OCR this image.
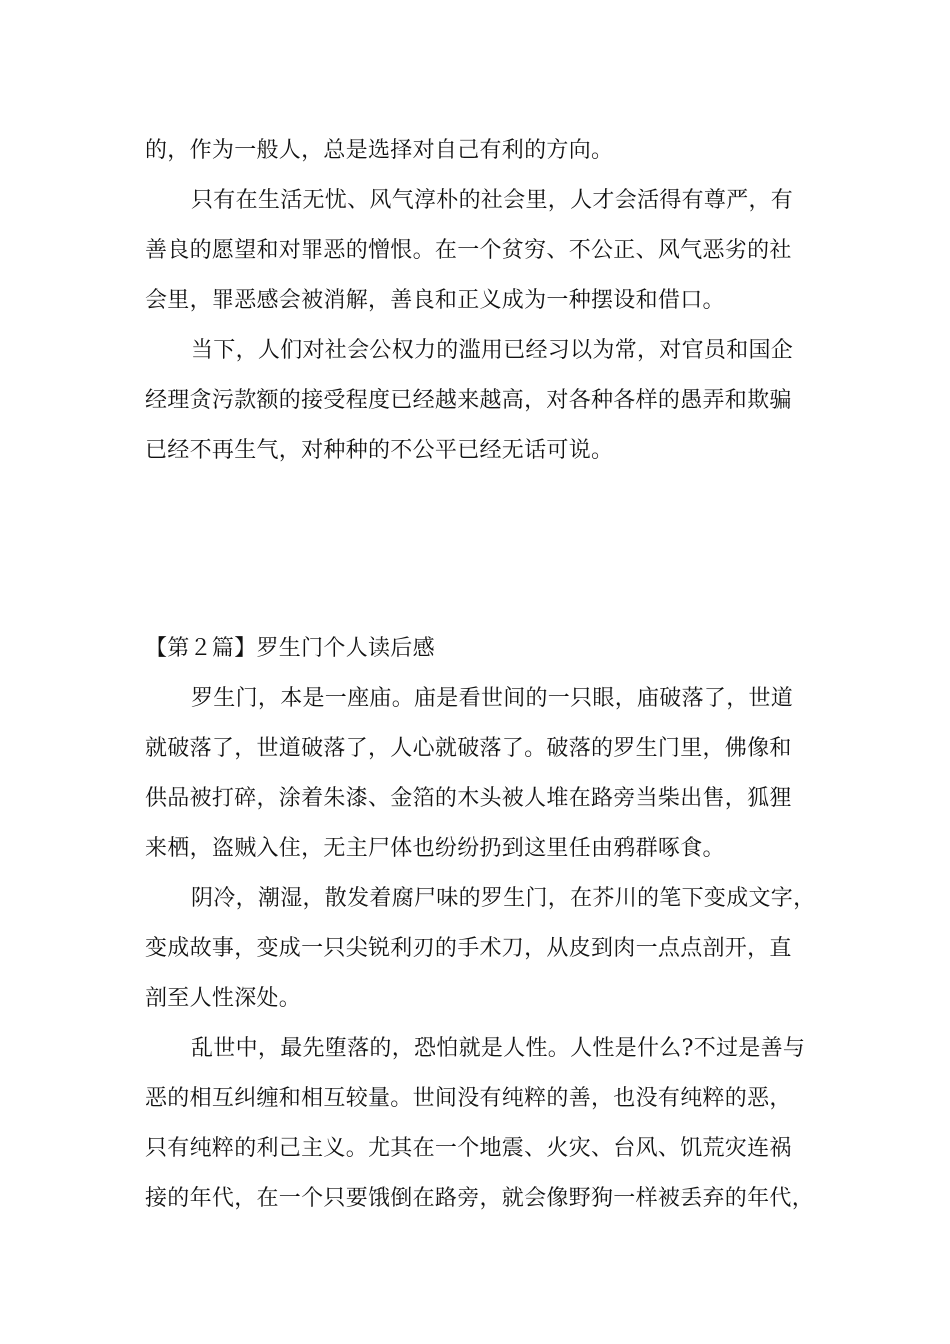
的，作为一般人，总是选择对自己有利的方向。
只有在生活无忧、风气淳朴的社会里，人才会活得有尊严，有
善良的愿望和对罪恶的憎恨。在一个贫穷、不公正、风气恶劣的社
会里，罪恶感会被消解，善良和正义成为一种摆设和借口。
当下，人们对社会公权力的滥用已经习以为常，对官员和国企
经理贪污款额的接受程度已经越来越高，对各种各样的愚弄和欺骗
已经不再生气，对种种的不公平已经无话可说。
【第２篇】罗生门个人读后感
罗生门，本是一座庙。庙是看世间的一只眼，庙破落了，世道
就破落了，世道破落了，人心就破落了。破落的罗生门里，佛像和
供品被打碎，涂着朱漆、金箔的木头被人堆在路旁当柴出售，狐狸
来栖，盗贼入住，无主尸体也纷纷扔到这里任由鸦群啄食。
阴冷，潮湿，散发着腐尸味的罗生门，在芥川的笔下变成文字，
变成故事，变成一只尖锐利刃的手术刀，从皮到肉一点点剖开，直
剖至人性深处。
乱世中，最先堕落的，恐怕就是人性。人性是什么?不过是善与
恶的相互纠缠和相互较量。世间没有纯粹的善，也没有纯粹的恶，
只有纯粹的利己主义。尤其在一个地震、火灾、台风、饥荒灾连祸
接的年代，在一个只要饿倒在路旁，就会像野狗一样被丢弃的年代，
